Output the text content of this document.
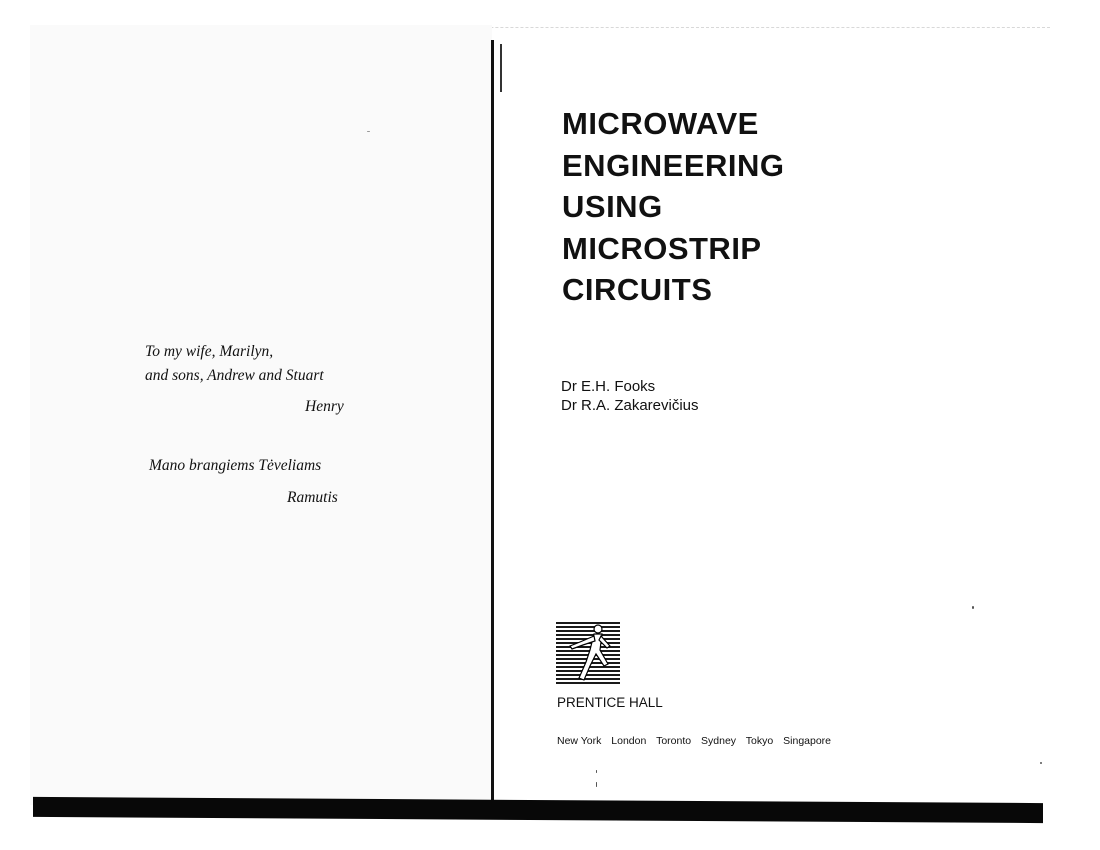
To my wife, Marilyn,
and sons, Andrew and Stuart
Henry
Mano brangiems Tėveliams
Ramutis
MICROWAVE
ENGINEERING
USING
MICROSTRIP
CIRCUITS
Dr E.H. Fooks
Dr R.A. Zakarevičius
PRENTICE HALL
New York London Toronto Sydney Tokyo Singapore
